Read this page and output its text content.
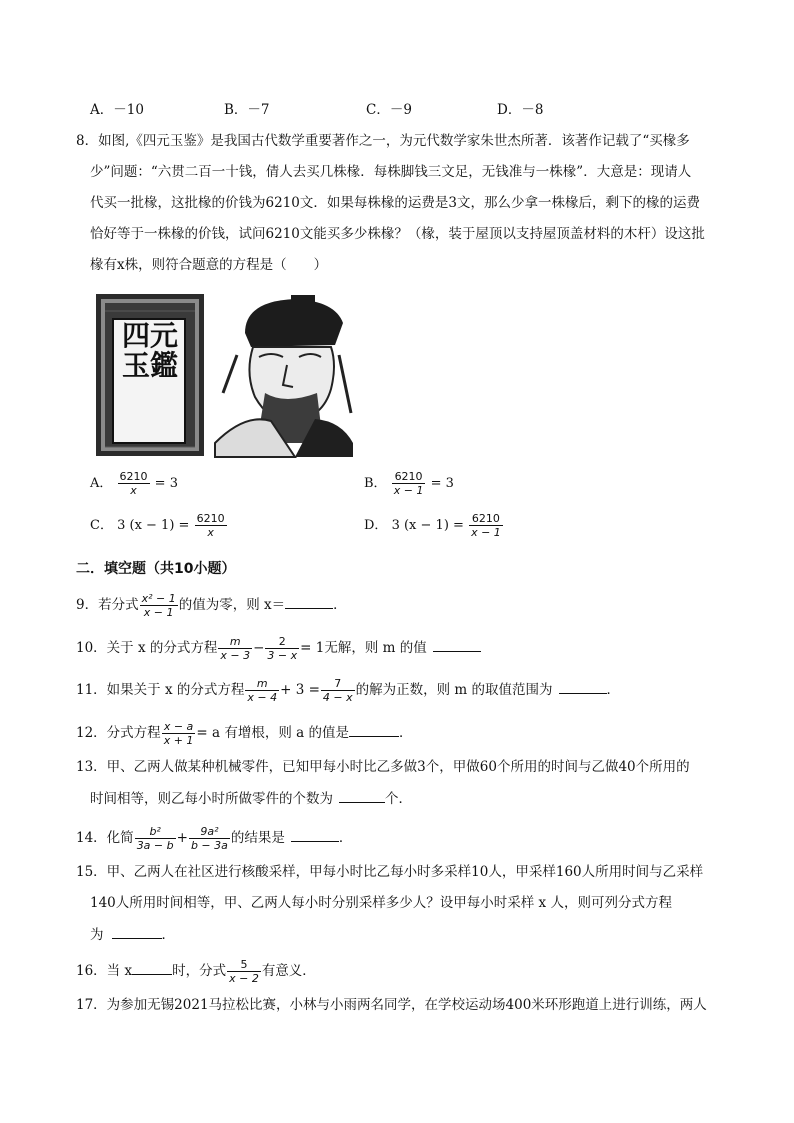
A．－10	B．－7	C．－9	D．－8
8．如图,《四元玉鉴》是我国古代数学重要著作之一，为元代数学家朱世杰所著．该著作记载了“买椽多
少”问题：“六贯二百一十钱，倩人去买几株椽．每株脚钱三文足，无钱准与一株椽”．大意是：现请人
代买一批椽，这批椽的价钱为6210文．如果每株椽的运费是3文，那么少拿一株椽后，剩下的椽的运费
恰好等于一株椽的价钱，试问6210文能买多少株椽？（椽，装于屋顶以支持屋顶盖材料的木杆）设这批
椽有x株，则符合题意的方程是（　　）
四元玉鑑
A． $\frac{6210}{x} = 3$	B． $\frac{6210}{x - 1} = 3$
C． 3 $(x - 1) = \frac{6210}{x}$	D． 3 $(x - 1) = \frac{6210}{x - 1}$
二．填空题（共10小题）
9．若分式 $\frac{\text{x² − 1}}{x - 1}$ 的值为零，则 x＝	．
10．关于 x 的分式方程 $\frac{m}{x - 3} - \frac{2}{3 - x} = 1$无解，则 m 的值
11．如果关于 x 的分式方程 $\frac{m}{x - 4} + 3 = \frac{7}{4 - x}$ 的解为正数，则 m 的取值范围为	．
12．分式方程 $\frac{x - a}{x + 1} = a$ 有增根，则 a 的值是	．
13．甲、乙两人做某种机械零件，已知甲每小时比乙多做3个，甲做60个所用的时间与乙做40个所用的
时间相等，则乙每小时所做零件的个数为	个．
14．化简 $\frac{\text{b²}}{3a - b} + \frac{\text{9a²}}{b - 3a}$ 的结果是	．
15．甲、乙两人在社区进行核酸采样，甲每小时比乙每小时多采样10人，甲采样160人所用时间与乙采样
140人所用时间相等，甲、乙两人每小时分别采样多少人？设甲每小时采样 x 人，则可列分式方程
为	．
16．当 x	时，分式 $\frac{5}{x - 2}$ 有意义．
17．为参加无锡2021马拉松比赛，小林与小雨两名同学，在学校运动场400米环形跑道上进行训练，两人
